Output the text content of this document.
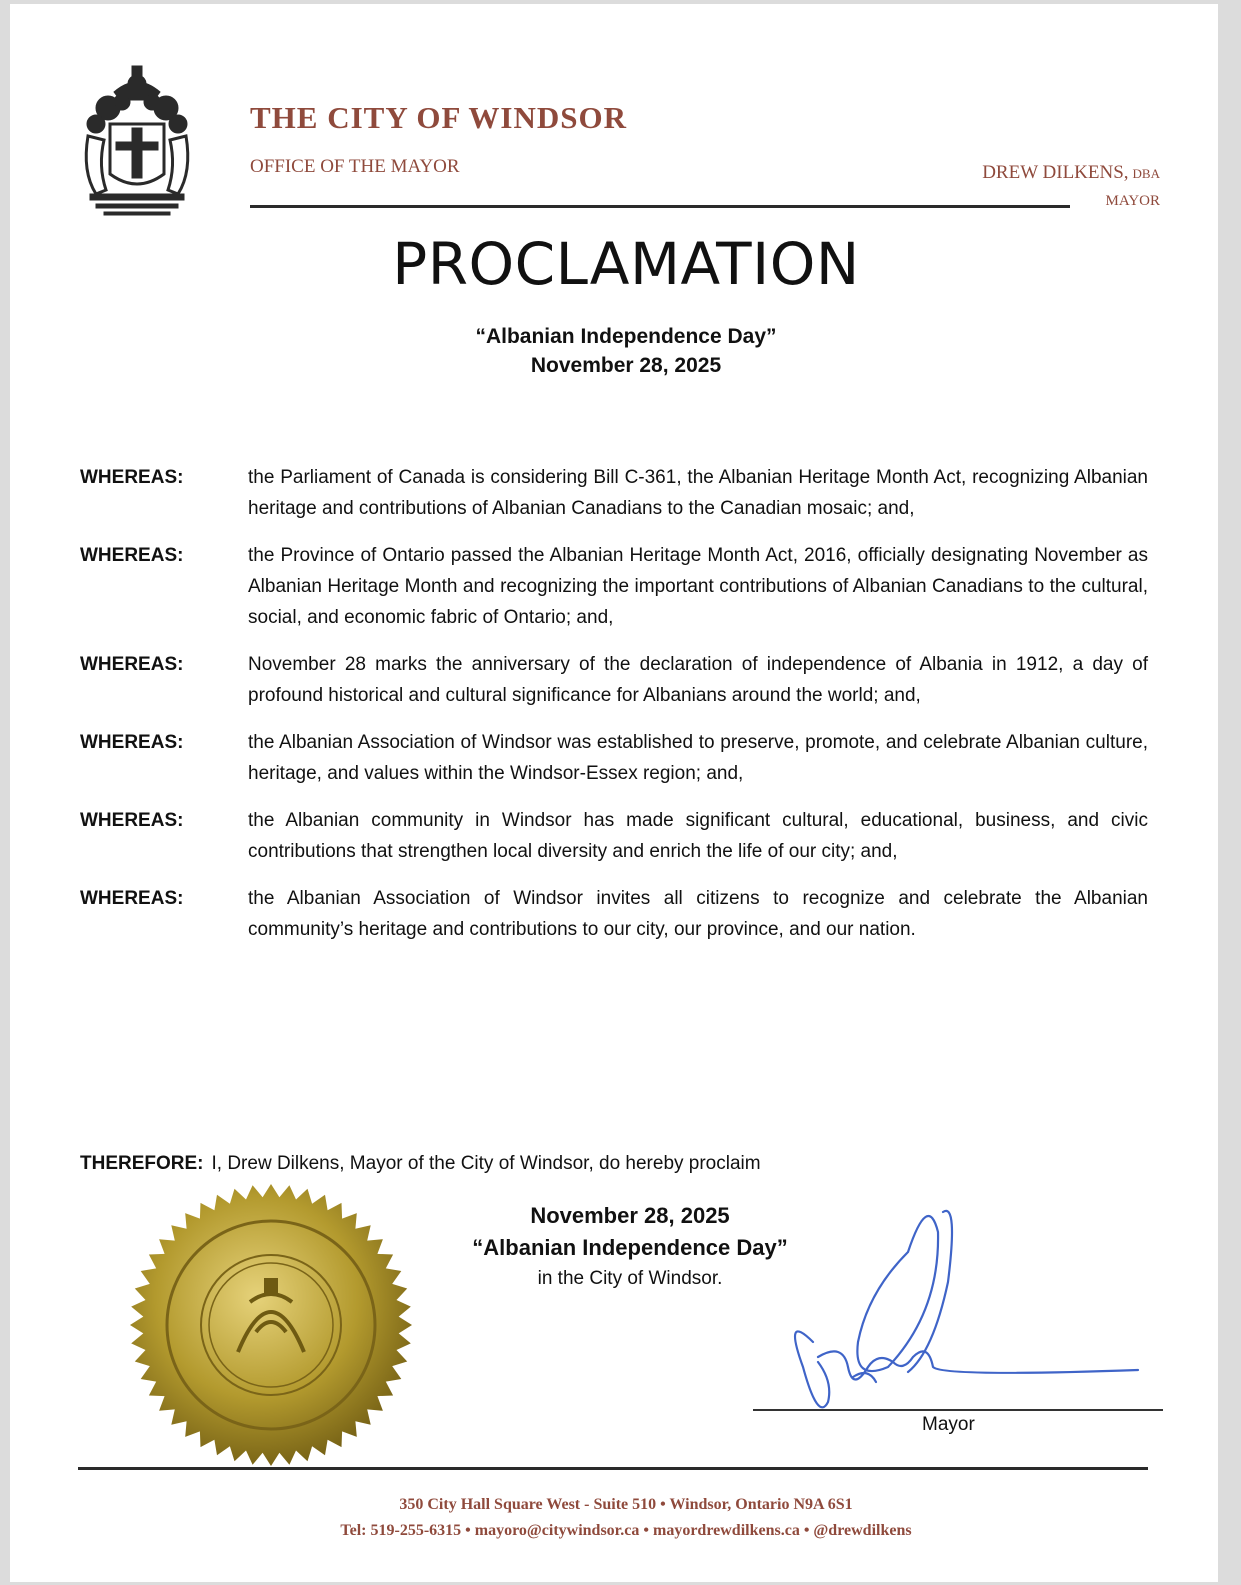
THE CITY OF WINDSOR
OFFICE OF THE MAYOR	DREW DILKENS, DBA
MAYOR
PROCLAMATION
“Albanian Independence Day”
November 28, 2025
WHEREAS:	the Parliament of Canada is considering Bill C-361, the Albanian Heritage Month Act, recognizing Albanian heritage and contributions of Albanian Canadians to the Canadian mosaic; and,
WHEREAS:	the Province of Ontario passed the Albanian Heritage Month Act, 2016, officially designating November as Albanian Heritage Month and recognizing the important contributions of Albanian Canadians to the cultural, social, and economic fabric of Ontario; and,
WHEREAS:	November 28 marks the anniversary of the declaration of independence of Albania in 1912, a day of profound historical and cultural significance for Albanians around the world; and,
WHEREAS:	the Albanian Association of Windsor was established to preserve, promote, and celebrate Albanian culture, heritage, and values within the Windsor-Essex region; and,
WHEREAS:	the Albanian community in Windsor has made significant cultural, educational, business, and civic contributions that strengthen local diversity and enrich the life of our city; and,
WHEREAS:	the Albanian Association of Windsor invites all citizens to recognize and celebrate the Albanian community’s heritage and contributions to our city, our province, and our nation.
THEREFORE: I, Drew Dilkens, Mayor of the City of Windsor, do hereby proclaim
November 28, 2025
“Albanian Independence Day”
in the City of Windsor.
Mayor
350 City Hall Square West - Suite 510 • Windsor, Ontario N9A 6S1
Tel: 519-255-6315 • mayoro@citywindsor.ca • mayordrewdilkens.ca • @drewdilkens
